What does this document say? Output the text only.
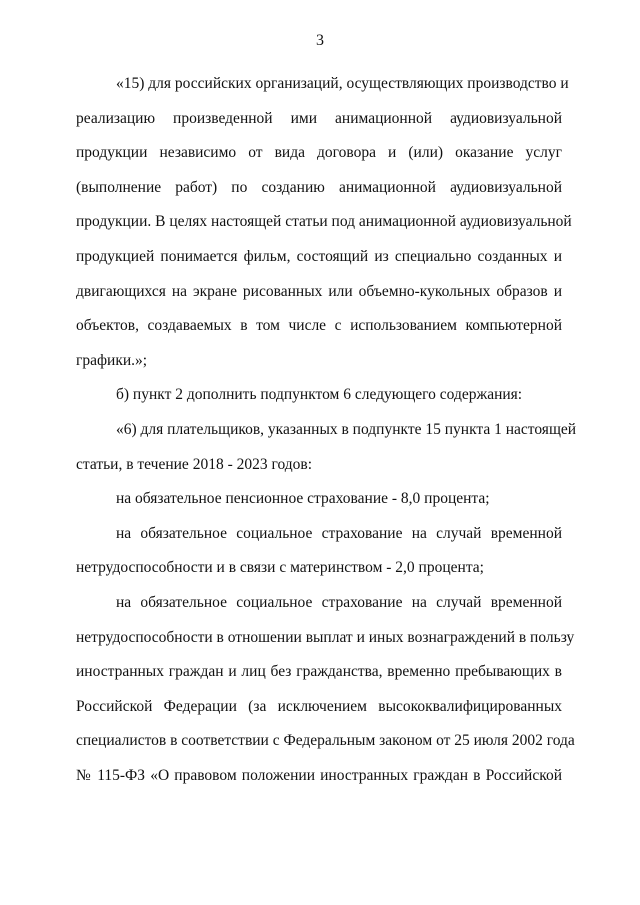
3
«15) для российских организаций, осуществляющих производство и
реализацию произведенной ими анимационной аудиовизуальной
продукции независимо от вида договора и (или) оказание услуг
(выполнение работ) по созданию анимационной аудиовизуальной
продукции. В целях настоящей статьи под анимационной аудиовизуальной
продукцией понимается фильм, состоящий из специально созданных и
двигающихся на экране рисованных или объемно-кукольных образов и
объектов, создаваемых в том числе с использованием компьютерной
графики.»;
б) пункт 2 дополнить подпунктом 6 следующего содержания:
«6) для плательщиков, указанных в подпункте 15 пункта 1 настоящей
статьи, в течение 2018 - 2023 годов:
на обязательное пенсионное страхование - 8,0 процента;
на обязательное социальное страхование на случай временной
нетрудоспособности и в связи с материнством - 2,0 процента;
на обязательное социальное страхование на случай временной
нетрудоспособности в отношении выплат и иных вознаграждений в пользу
иностранных граждан и лиц без гражданства, временно пребывающих в
Российской Федерации (за исключением высококвалифицированных
специалистов в соответствии с Федеральным законом от 25 июля 2002 года
№ 115-ФЗ «О правовом положении иностранных граждан в Российской
